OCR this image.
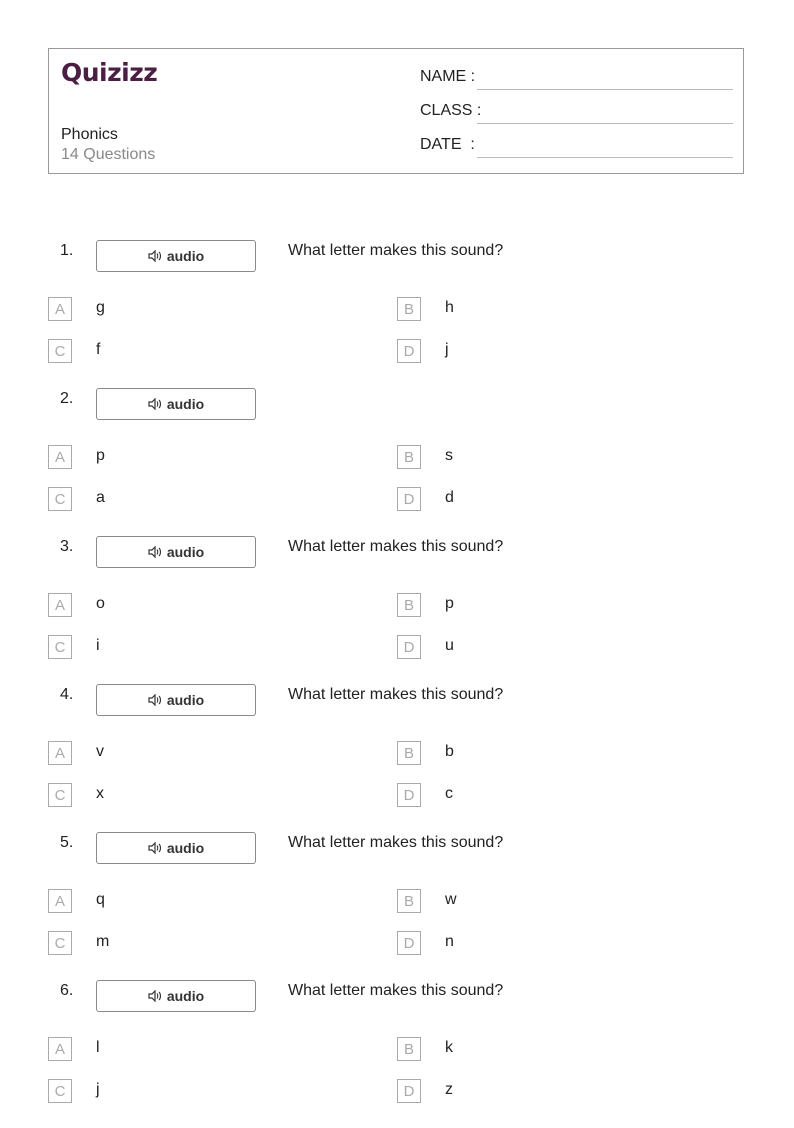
Quizizz
Phonics
14 Questions
NAME :
CLASS :
DATE  :
1.	audio	What letter makes this sound?
A	g	B	h
C	f	D	j
2.	audio
A	p	B	s
C	a	D	d
3.	audio	What letter makes this sound?
A	o	B	p
C	i	D	u
4.	audio	What letter makes this sound?
A	v	B	b
C	x	D	c
5.	audio	What letter makes this sound?
A	q	B	w
C	m	D	n
6.	audio	What letter makes this sound?
A	l	B	k
C	j	D	z
